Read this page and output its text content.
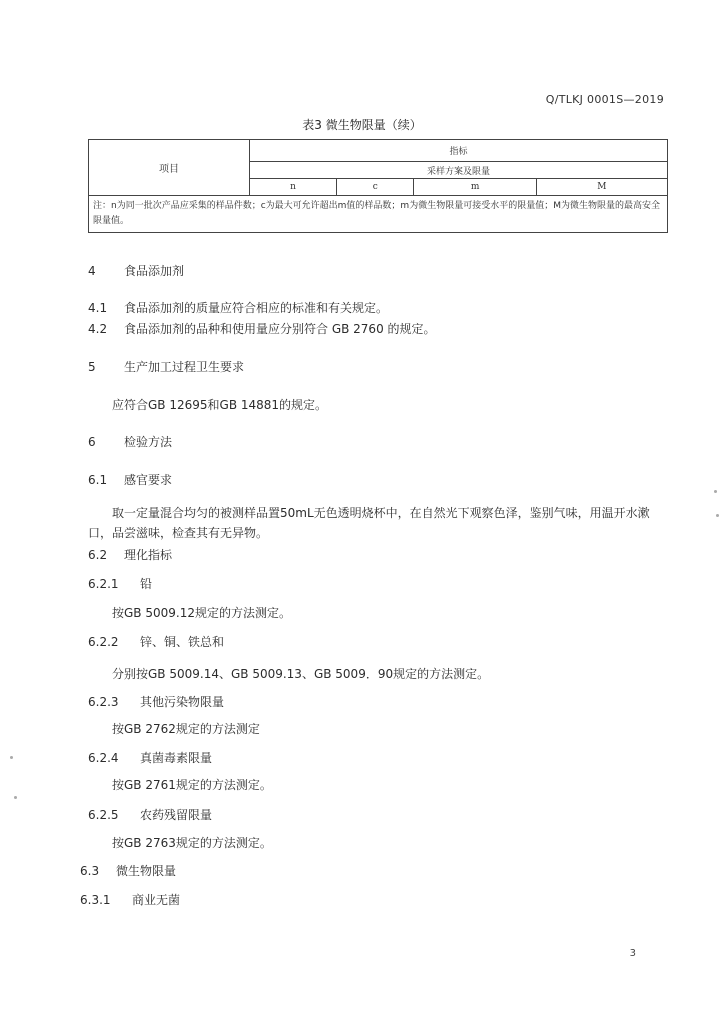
Q/TLKJ 0001S—2019
表3 微生物限量（续）
项目	指标			
	采样方案及限量			
	n	c	m	M
注：n为同一批次产品应采集的样品件数；c为最大可允许超出m值的样品数；m为微生物限量可接受水平的限量值；M为微生物限量的最高安全限量值。				
4 食品添加剂
4.1 食品添加剂的质量应符合相应的标准和有关规定。
4.2 食品添加剂的品种和使用量应分别符合 GB 2760 的规定。
5 生产加工过程卫生要求
应符合GB 12695和GB 14881的规定。
6 检验方法
6.1 感官要求
取一定量混合均匀的被测样品置50mL无色透明烧杯中，在自然光下观察色泽，鉴别气味，用温开水漱口，品尝滋味，检查其有无异物。
6.2 理化指标
6.2.1 铅
按GB 5009.12规定的方法测定。
6.2.2 锌、铜、铁总和
分别按GB 5009.14、GB 5009.13、GB 5009．90规定的方法测定。
6.2.3 其他污染物限量
按GB 2762规定的方法测定
6.2.4 真菌毒素限量
按GB 2761规定的方法测定。
6.2.5 农药残留限量
按GB 2763规定的方法测定。
6.3 微生物限量
6.3.1 商业无菌
3
